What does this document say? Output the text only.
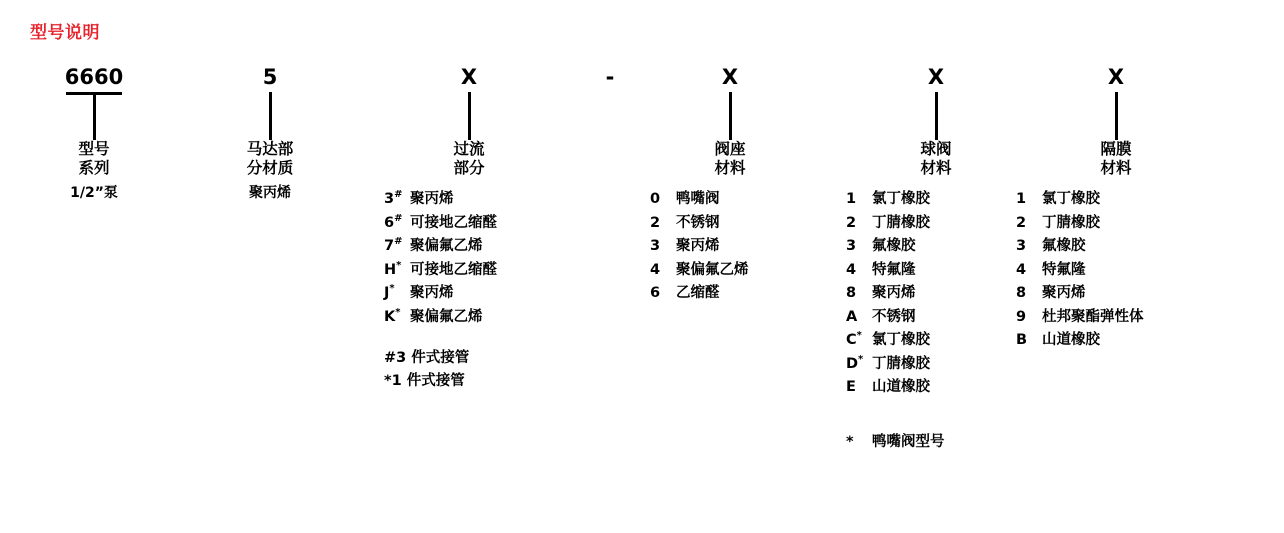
型号说明
6660
型号
系列
1/2”泵
5
马达部
分材质
聚丙烯
X
过流
部分
3# 聚丙烯
6# 可接地乙缩醛
7# 聚偏氟乙烯
H* 可接地乙缩醛
J*	聚丙烯
K* 聚偏氟乙烯
#3 件式接管
*1 件式接管
-	X
阀座
材料
0	鸭嘴阀
2	不锈钢
3	聚丙烯
4	聚偏氟乙烯
6	乙缩醛
X
球阀
材料
1	氯丁橡胶
2	丁腈橡胶
3	氟橡胶
4	特氟隆
8	聚丙烯
A	不锈钢
C* 氯丁橡胶
D* 丁腈橡胶
E	山道橡胶
* 鸭嘴阀型号
X
隔膜
材料
1	氯丁橡胶
2	丁腈橡胶
3	氟橡胶
4	特氟隆
8	聚丙烯
9	杜邦聚酯弹性体
B	山道橡胶
